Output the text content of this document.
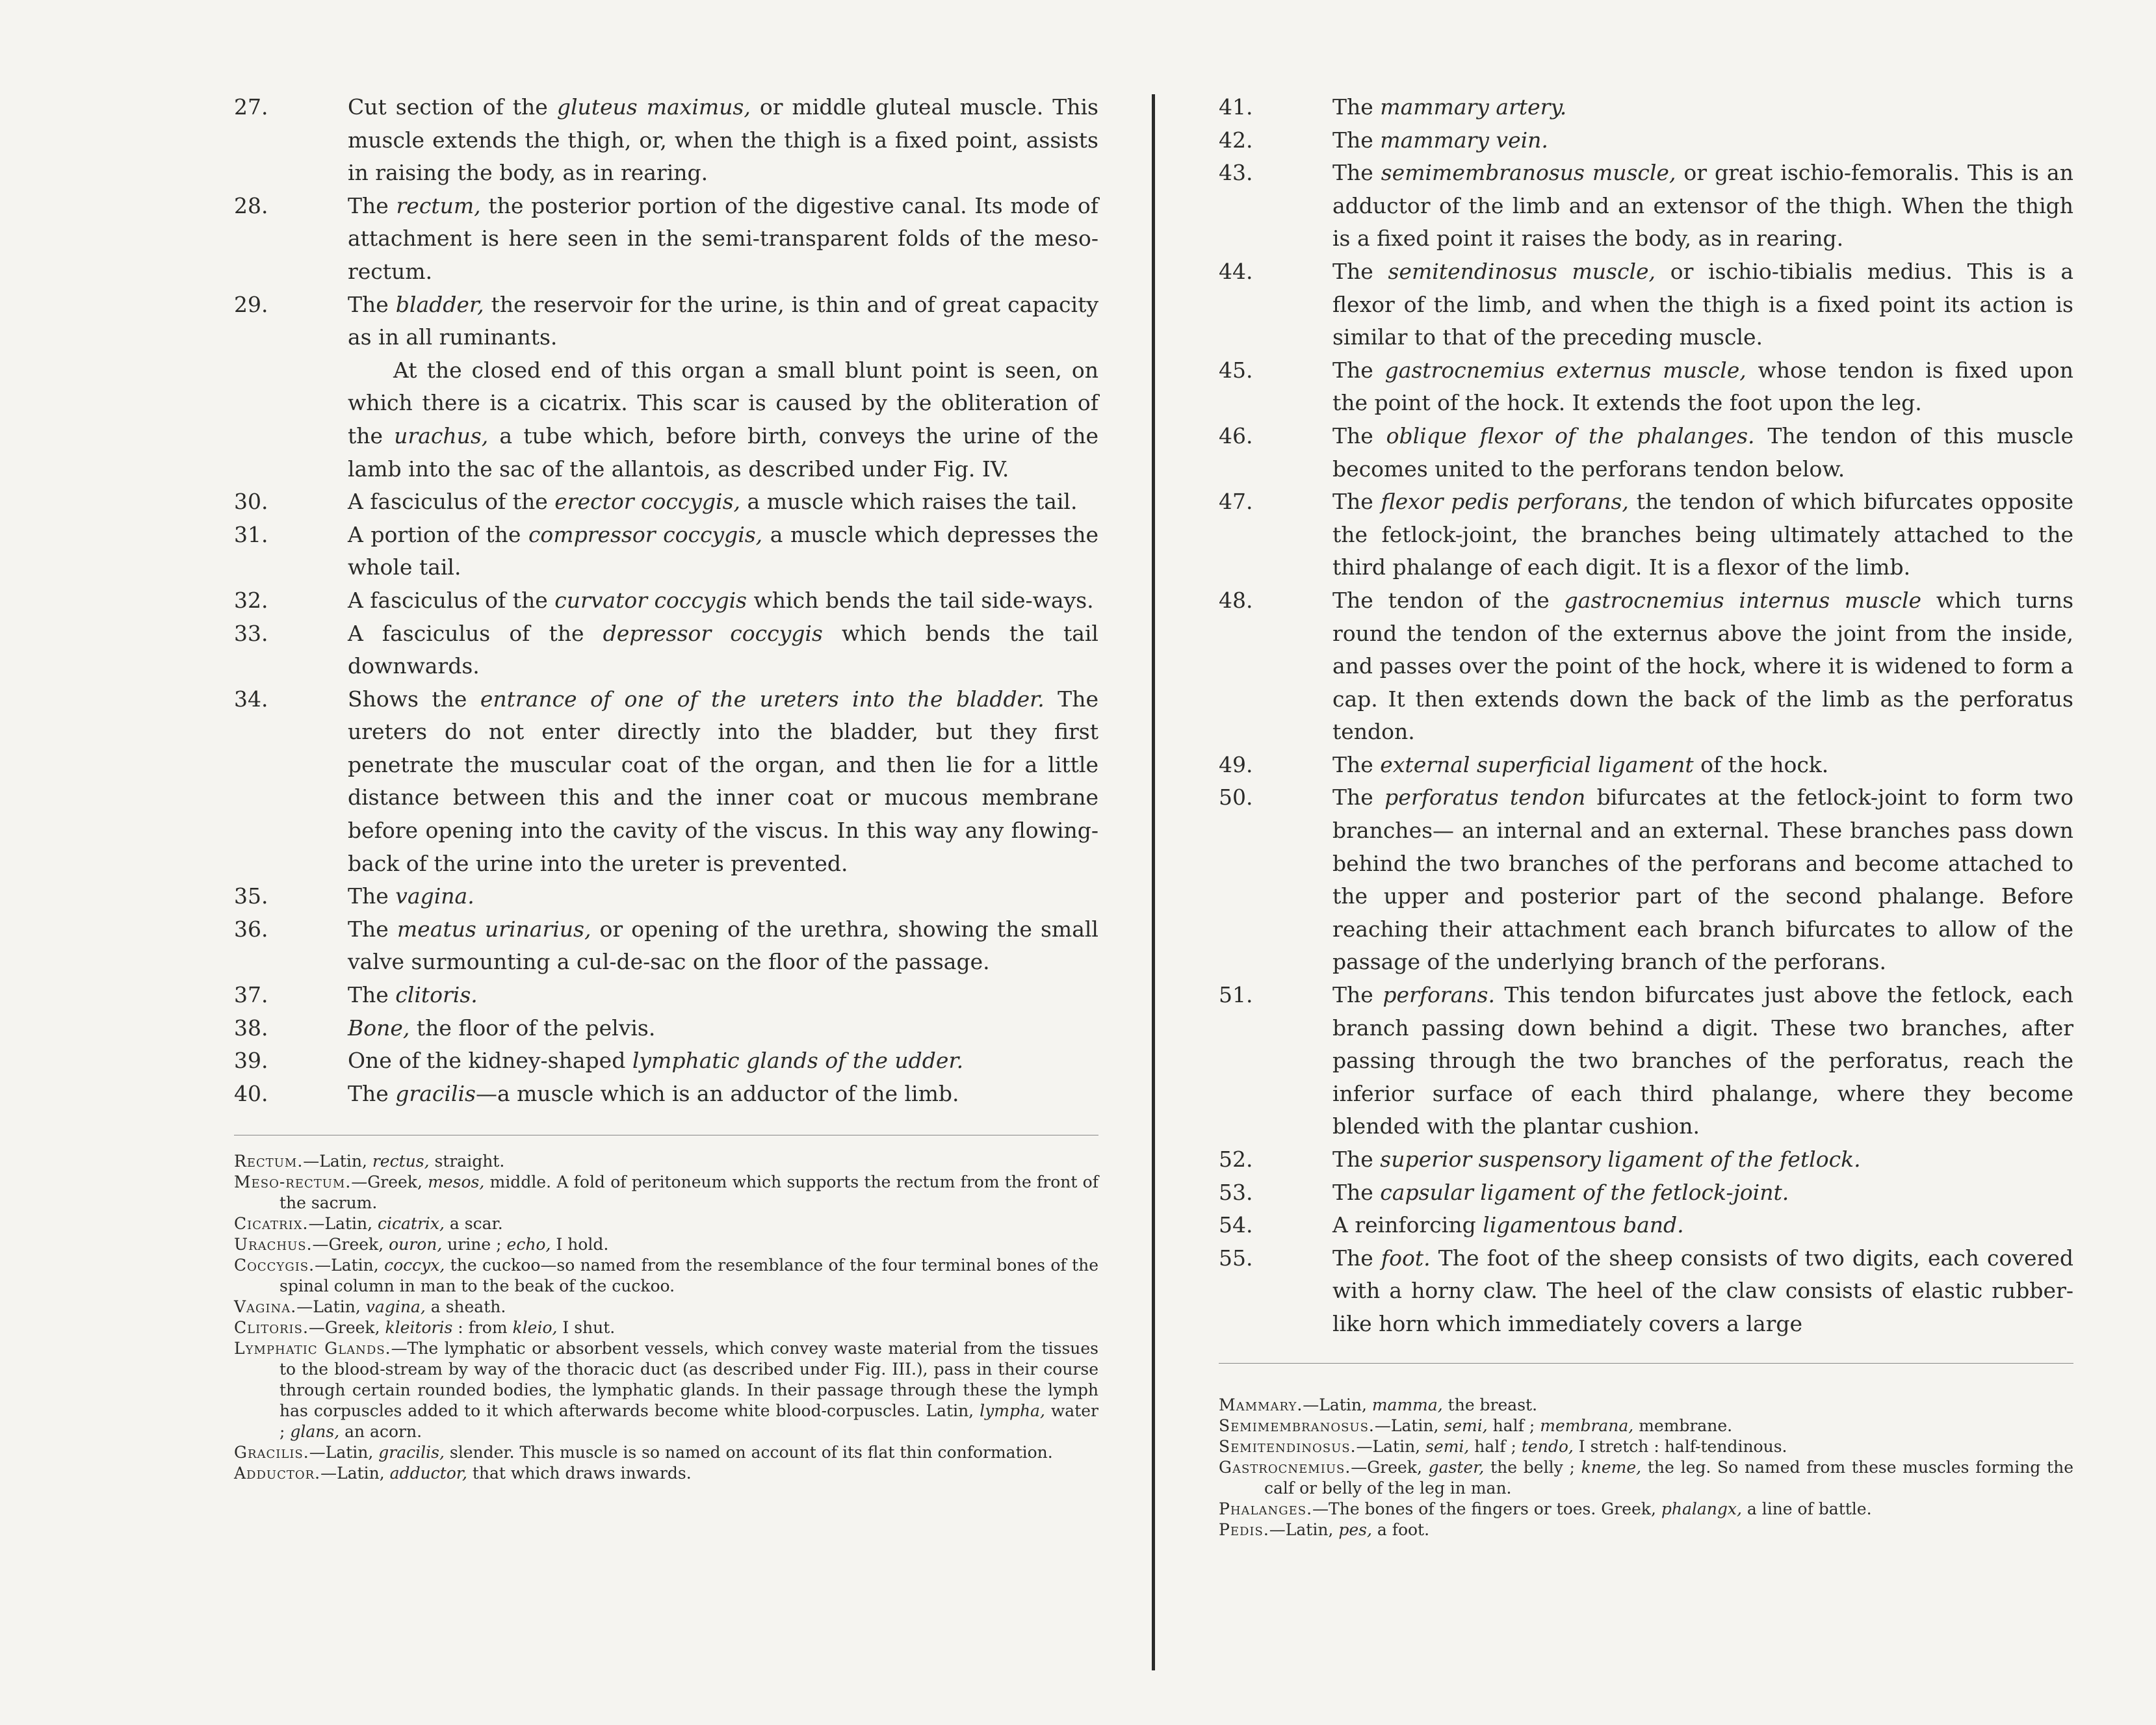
27.	Cut section of the gluteus maximus, or middle gluteal muscle. This muscle extends the thigh, or, when the thigh is a fixed point, assists in raising the body, as in rearing.

28.	The rectum, the posterior portion of the digestive canal. Its mode of attachment is here seen in the semi-transparent folds of the meso-rectum.

29.	The bladder, the reservoir for the urine, is thin and of great capacity as in all ruminants.

At the closed end of this organ a small blunt point is seen, on which there is a cicatrix. This scar is caused by the obliteration of the urachus, a tube which, before birth, conveys the urine of the lamb into the sac of the allantois, as described under Fig. IV.

30.	A fasciculus of the erector coccygis, a muscle which raises the tail.

31.	A portion of the compressor coccygis, a muscle which depresses the whole tail.

32.	A fasciculus of the curvator coccygis which bends the tail side-ways.

33.	A fasciculus of the depressor coccygis which bends the tail downwards.

34.	Shows the entrance of one of the ureters into the bladder. The ureters do not enter directly into the bladder, but they first penetrate the muscular coat of the organ, and then lie for a little distance between this and the inner coat or mucous membrane before opening into the cavity of the viscus. In this way any flowing-back of the urine into the ureter is prevented.

35.	The vagina.

36.	The meatus urinarius, or opening of the urethra, showing the small valve surmounting a cul-de-sac on the floor of the passage.

37.	The clitoris.

38.	Bone, the floor of the pelvis.

39.	One of the kidney-shaped lymphatic glands of the udder.

40.	The gracilis—a muscle which is an adductor of the limb.

Rectum.—Latin, rectus, straight.

Meso-rectum.—Greek, mesos, middle. A fold of peritoneum which supports the rectum from the front of the sacrum.

Cicatrix.—Latin, cicatrix, a scar.

Urachus.—Greek, ouron, urine ; echo, I hold.

Coccygis.—Latin, coccyx, the cuckoo—so named from the resemblance of the four terminal bones of the spinal column in man to the beak of the cuckoo.

Vagina.—Latin, vagina, a sheath.

Clitoris.—Greek, kleitoris : from kleio, I shut.

Lymphatic Glands.—The lymphatic or absorbent vessels, which convey waste material from the tissues to the blood-stream by way of the thoracic duct (as described under Fig. III.), pass in their course through certain rounded bodies, the lymphatic glands. In their passage through these the lymph has corpuscles added to it which afterwards become white blood-corpuscles. Latin, lympha, water ; glans, an acorn.

Gracilis.—Latin, gracilis, slender. This muscle is so named on account of its flat thin conformation.

Adductor.—Latin, adductor, that which draws inwards.

41.	The mammary artery.

42.	The mammary vein.

43.	The semimembranosus muscle, or great ischio-femoralis. This is an adductor of the limb and an extensor of the thigh. When the thigh is a fixed point it raises the body, as in rearing.

44.	The semitendinosus muscle, or ischio-tibialis medius. This is a flexor of the limb, and when the thigh is a fixed point its action is similar to that of the preceding muscle.

45.	The gastrocnemius externus muscle, whose tendon is fixed upon the point of the hock. It extends the foot upon the leg.

46.	The oblique flexor of the phalanges. The tendon of this muscle becomes united to the perforans tendon below.

47.	The flexor pedis perforans, the tendon of which bifurcates opposite the fetlock-joint, the branches being ultimately attached to the third phalange of each digit. It is a flexor of the limb.

48.	The tendon of the gastrocnemius internus muscle which turns round the tendon of the externus above the joint from the inside, and passes over the point of the hock, where it is widened to form a cap. It then extends down the back of the limb as the perforatus tendon.

49.	The external superficial ligament of the hock.

50.	The perforatus tendon bifurcates at the fetlock-joint to form two branches— an internal and an external. These branches pass down behind the two branches of the perforans and become attached to the upper and posterior part of the second phalange. Before reaching their attachment each branch bifurcates to allow of the passage of the underlying branch of the perforans.

51.	The perforans. This tendon bifurcates just above the fetlock, each branch passing down behind a digit. These two branches, after passing through the two branches of the perforatus, reach the inferior surface of each third phalange, where they become blended with the plantar cushion.

52.	The superior suspensory ligament of the fetlock.

53.	The capsular ligament of the fetlock-joint.

54.	A reinforcing ligamentous band.

55.	The foot. The foot of the sheep consists of two digits, each covered with a horny claw. The heel of the claw consists of elastic rubber-like horn which immediately covers a large

Mammary.—Latin, mamma, the breast.

Semimembranosus.—Latin, semi, half ; membrana, membrane.

Semitendinosus.—Latin, semi, half ; tendo, I stretch : half-tendinous.

Gastrocnemius.—Greek, gaster, the belly ; kneme, the leg. So named from these muscles forming the calf or belly of the leg in man.

Phalanges.—The bones of the fingers or toes. Greek, phalangx, a line of battle.

Pedis.—Latin, pes, a foot.
